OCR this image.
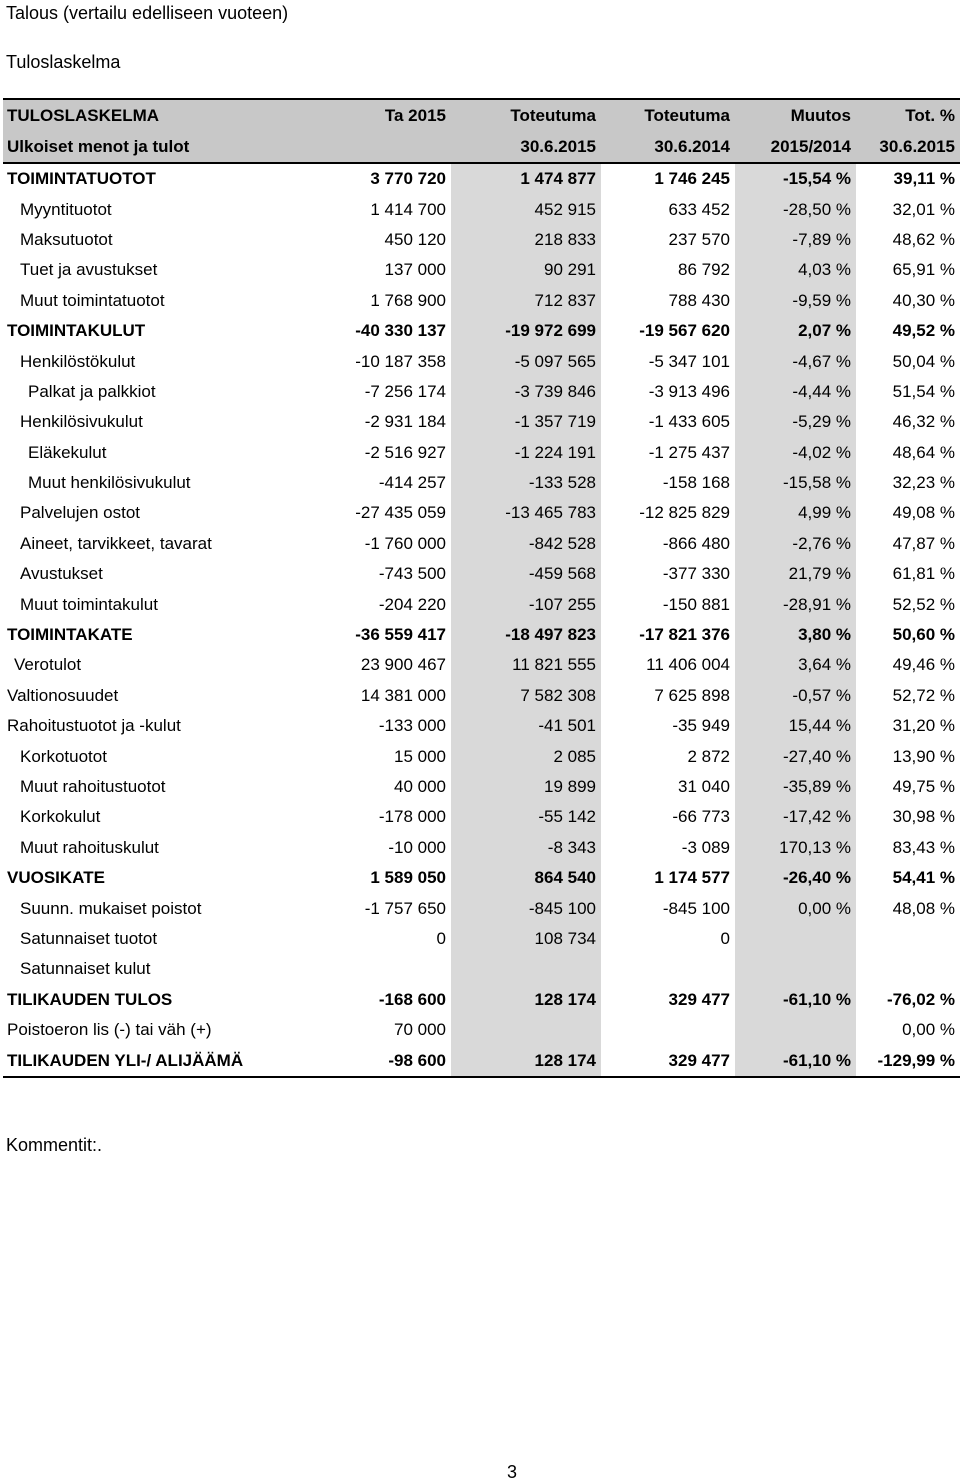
Talous (vertailu edelliseen vuoteen)
Tuloslaskelma
TULOSLASKELMA	Ta 2015	Toteutuma	Toteutuma	Muutos	Tot. %
Ulkoiset menot ja tulot		30.6.2015	30.6.2014	2015/2014	30.6.2015
TOIMINTATUOTOT	3 770 720	1 474 877	1 746 245	-15,54 %	39,11 %
Myyntituotot	1 414 700	452 915	633 452	-28,50 %	32,01 %
Maksutuotot	450 120	218 833	237 570	-7,89 %	48,62 %
Tuet ja avustukset	137 000	90 291	86 792	4,03 %	65,91 %
Muut toimintatuotot	1 768 900	712 837	788 430	-9,59 %	40,30 %
TOIMINTAKULUT	-40 330 137	-19 972 699	-19 567 620	2,07 %	49,52 %
Henkilöstökulut	-10 187 358	-5 097 565	-5 347 101	-4,67 %	50,04 %
Palkat ja palkkiot	-7 256 174	-3 739 846	-3 913 496	-4,44 %	51,54 %
Henkilösivukulut	-2 931 184	-1 357 719	-1 433 605	-5,29 %	46,32 %
Eläkekulut	-2 516 927	-1 224 191	-1 275 437	-4,02 %	48,64 %
Muut henkilösivukulut	-414 257	-133 528	-158 168	-15,58 %	32,23 %
Palvelujen ostot	-27 435 059	-13 465 783	-12 825 829	4,99 %	49,08 %
Aineet, tarvikkeet, tavarat	-1 760 000	-842 528	-866 480	-2,76 %	47,87 %
Avustukset	-743 500	-459 568	-377 330	21,79 %	61,81 %
Muut toimintakulut	-204 220	-107 255	-150 881	-28,91 %	52,52 %
TOIMINTAKATE	-36 559 417	-18 497 823	-17 821 376	3,80 %	50,60 %
Verotulot	23 900 467	11 821 555	11 406 004	3,64 %	49,46 %
Valtionosuudet	14 381 000	7 582 308	7 625 898	-0,57 %	52,72 %
Rahoitustuotot ja -kulut	-133 000	-41 501	-35 949	15,44 %	31,20 %
Korkotuotot	15 000	2 085	2 872	-27,40 %	13,90 %
Muut rahoitustuotot	40 000	19 899	31 040	-35,89 %	49,75 %
Korkokulut	-178 000	-55 142	-66 773	-17,42 %	30,98 %
Muut rahoituskulut	-10 000	-8 343	-3 089	170,13 %	83,43 %
VUOSIKATE	1 589 050	864 540	1 174 577	-26,40 %	54,41 %
Suunn. mukaiset poistot	-1 757 650	-845 100	-845 100	0,00 %	48,08 %
Satunnaiset tuotot	0	108 734	0		
Satunnaiset kulut					
TILIKAUDEN TULOS	-168 600	128 174	329 477	-61,10 %	-76,02 %
Poistoeron lis (-) tai väh (+)	70 000				0,00 %
TILIKAUDEN YLI-/ ALIJÄÄMÄ	-98 600	128 174	329 477	-61,10 %	-129,99 %
Kommentit:.
3
